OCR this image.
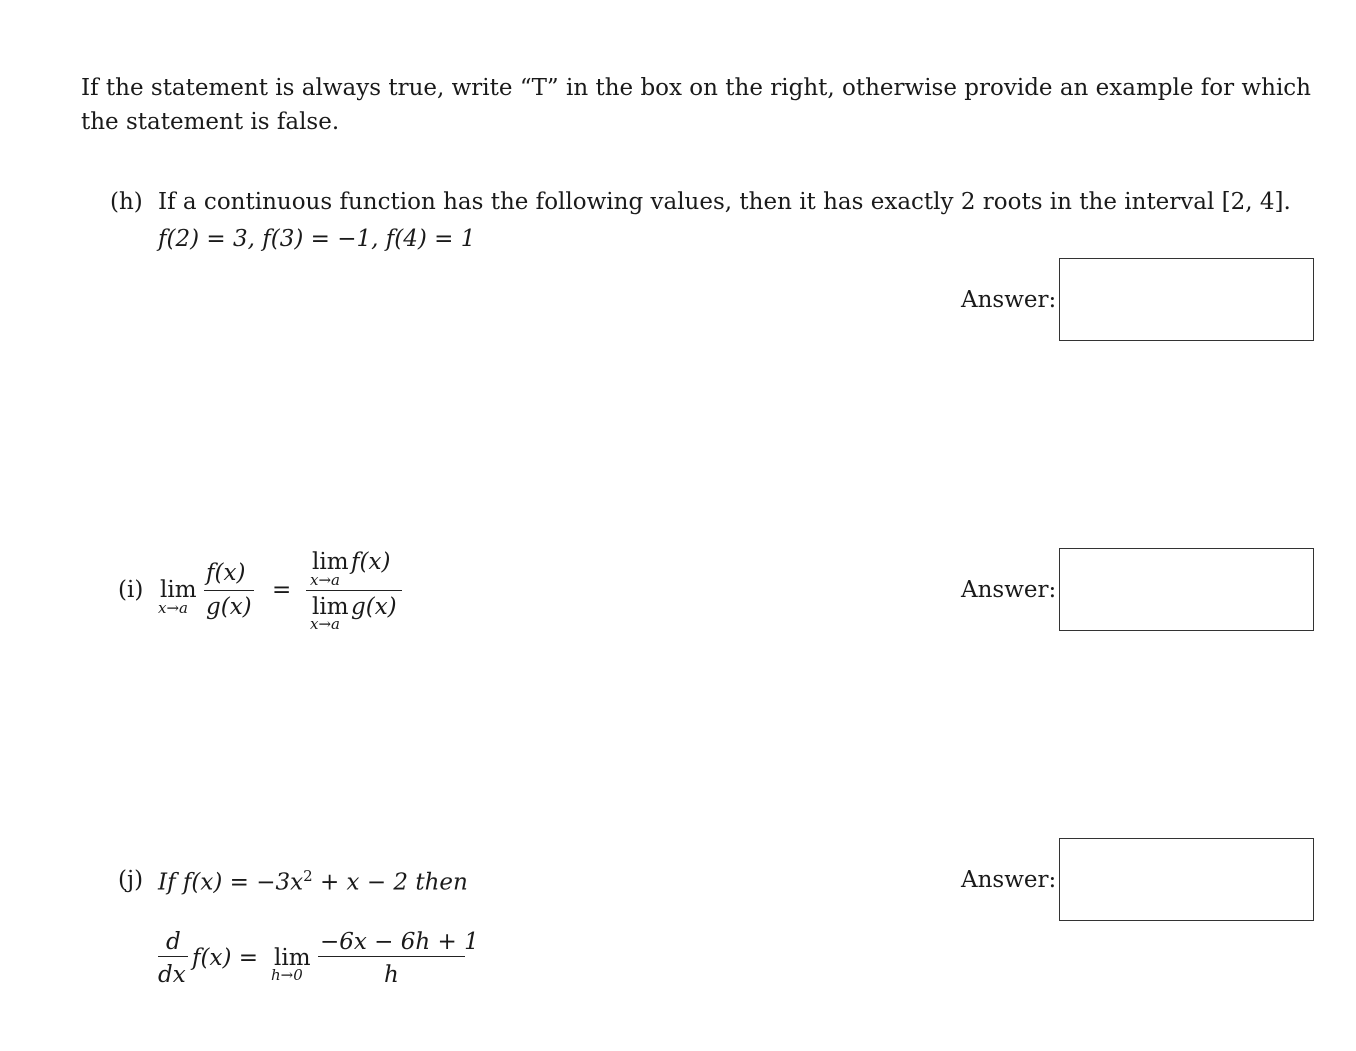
If the statement is always true, write “T” in the box on the right, otherwise provide an example for which
the statement is false.
(h) If a continuous function has the following values, then it has exactly 2 roots in the interval [2, 4].
f(2) = 3, f(3) = −1, f(4) = 1
Answer:
(i) lim
x→a
f(x)
g(x)
=
lim f(x)
x→a
lim g(x)
x→a
Answer:
(j) If $f(x) = -3x^2 + x - 2$ then	Answer:
d
dx
f(x) = lim
h→0
−6x − 6h + 1
h
